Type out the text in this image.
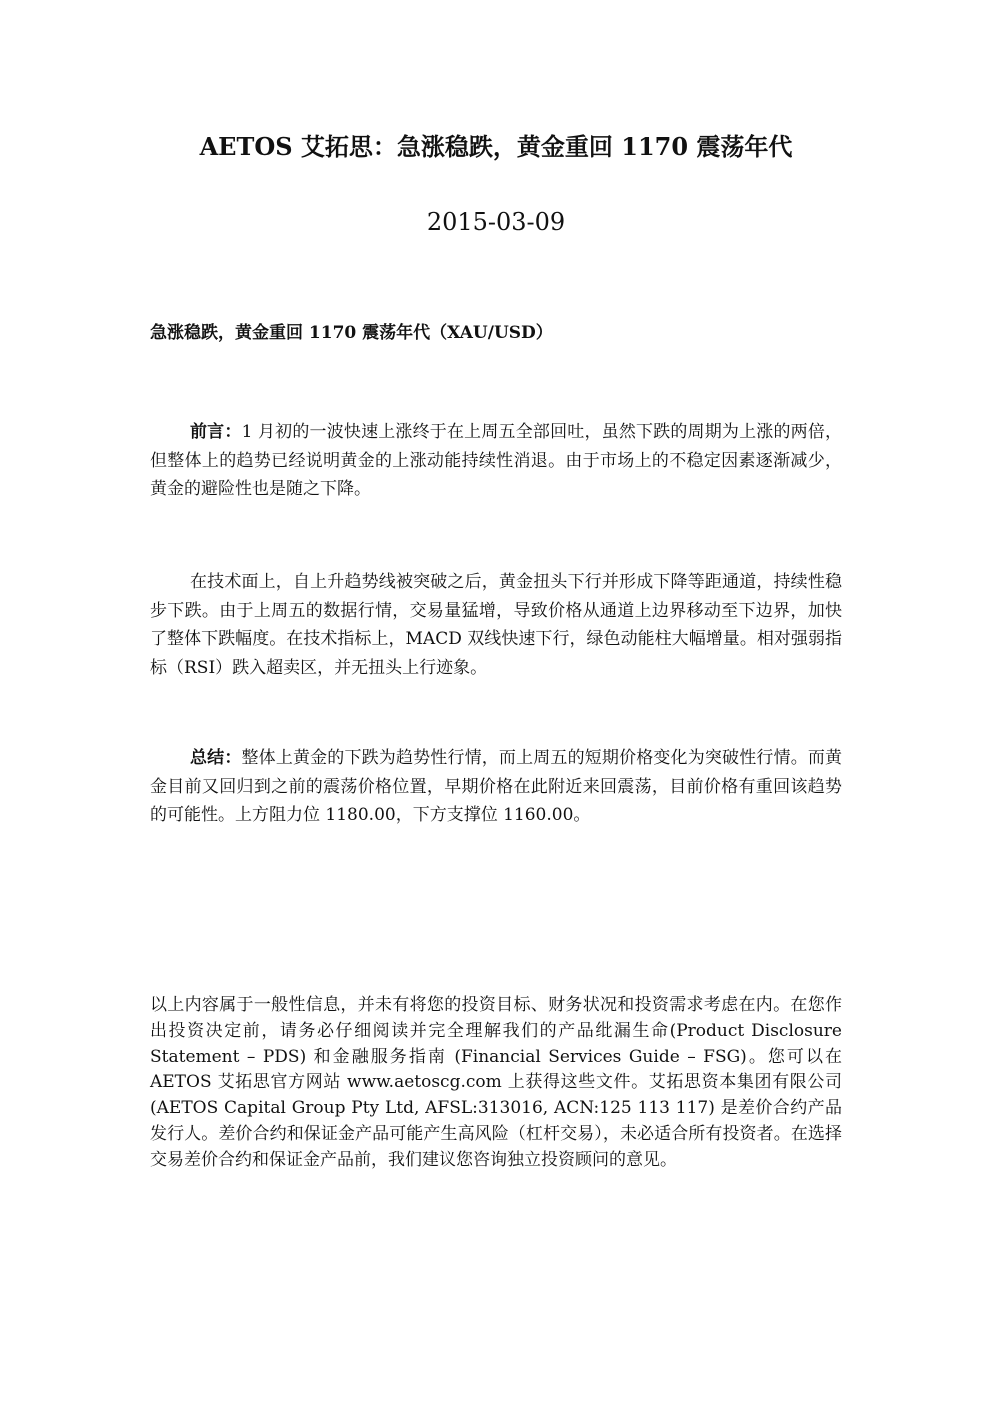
AETOS 艾拓思：急涨稳跌，黄金重回 1170 震荡年代
2015-03-09
急涨稳跌，黄金重回 1170 震荡年代（XAU/USD）

前言：1 月初的一波快速上涨终于在上周五全部回吐，虽然下跌的周期为上涨的两倍，但整体上的趋势已经说明黄金的上涨动能持续性消退。由于市场上的不稳定因素逐渐减少，黄金的避险性也是随之下降。

在技术面上，自上升趋势线被突破之后，黄金扭头下行并形成下降等距通道，持续性稳步下跌。由于上周五的数据行情，交易量猛增，导致价格从通道上边界移动至下边界，加快了整体下跌幅度。在技术指标上，MACD 双线快速下行，绿色动能柱大幅增量。相对强弱指标（RSI）跌入超卖区，并无扭头上行迹象。

总结：整体上黄金的下跌为趋势性行情，而上周五的短期价格变化为突破性行情。而黄金目前又回归到之前的震荡价格位置，早期价格在此附近来回震荡，目前价格有重回该趋势的可能性。上方阻力位 1180.00，下方支撑位 1160.00。

以上内容属于一般性信息，并未有将您的投资目标、财务状况和投资需求考虑在内。在您作出投资决定前，请务必仔细阅读并完全理解我们的产品纰漏生命(Product Disclosure Statement – PDS) 和金融服务指南 (Financial Services Guide – FSG)。您可以在 AETOS 艾拓思官方网站 www.aetoscg.com 上获得这些文件。艾拓思资本集团有限公司(AETOS Capital Group Pty Ltd, AFSL:313016, ACN:125 113 117) 是差价合约产品发行人。差价合约和保证金产品可能产生高风险（杠杆交易），未必适合所有投资者。在选择交易差价合约和保证金产品前，我们建议您咨询独立投资顾问的意见。
